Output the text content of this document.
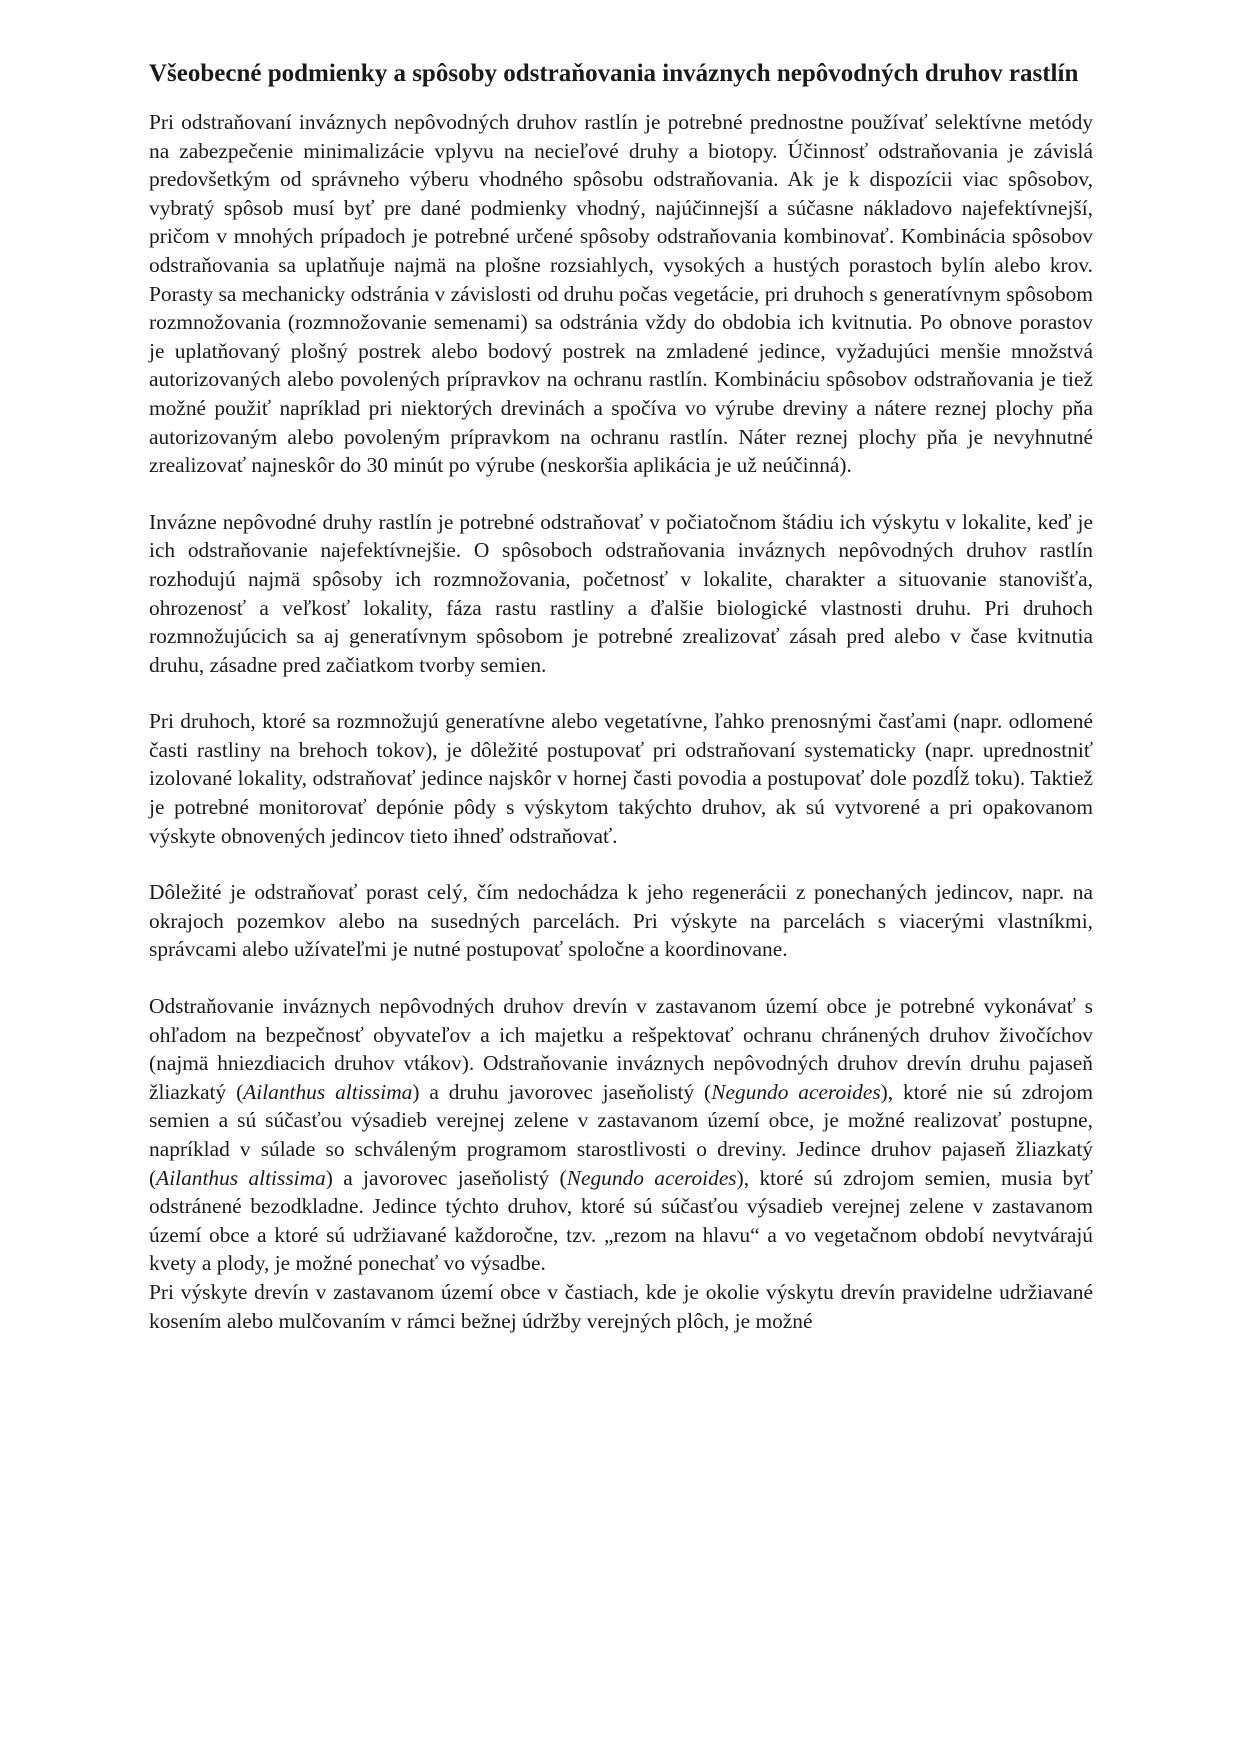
Všeobecné podmienky a spôsoby odstraňovania inváznych nepôvodných druhov rastlín

Pri odstraňovaní inváznych nepôvodných druhov rastlín je potrebné prednostne používať selektívne metódy na zabezpečenie minimalizácie vplyvu na necieľové druhy a biotopy. Účinnosť odstraňovania je závislá predovšetkým od správneho výberu vhodného spôsobu odstraňovania. Ak je k dispozícii viac spôsobov, vybratý spôsob musí byť pre dané podmienky vhodný, najúčinnejší a súčasne nákladovo najefektívnejší, pričom v mnohých prípadoch je potrebné určené spôsoby odstraňovania kombinovať. Kombinácia spôsobov odstraňovania sa uplatňuje najmä na plošne rozsiahlych, vysokých a hustých porastoch bylín alebo krov. Porasty sa mechanicky odstránia v závislosti od druhu počas vegetácie, pri druhoch s generatívnym spôsobom rozmnožovania (rozmnožovanie semenami) sa odstránia vždy do obdobia ich kvitnutia. Po obnove porastov je uplatňovaný plošný postrek alebo bodový postrek na zmladené jedince, vyžadujúci menšie množstvá autorizovaných alebo povolených prípravkov na ochranu rastlín. Kombináciu spôsobov odstraňovania je tiež možné použiť napríklad pri niektorých drevinách a spočíva vo výrube dreviny a nátere reznej plochy pňa autorizovaným alebo povoleným prípravkom na ochranu rastlín. Náter reznej plochy pňa je nevyhnutné zrealizovať najneskôr do 30 minút po výrube (neskoršia aplikácia je už neúčinná).

Invázne nepôvodné druhy rastlín je potrebné odstraňovať v počiatočnom štádiu ich výskytu v lokalite, keď je ich odstraňovanie najefektívnejšie. O spôsoboch odstraňovania inváznych nepôvodných druhov rastlín rozhodujú najmä spôsoby ich rozmnožovania, početnosť v lokalite, charakter a situovanie stanovišťa, ohrozenosť a veľkosť lokality, fáza rastu rastliny a ďalšie biologické vlastnosti druhu. Pri druhoch rozmnožujúcich sa aj generatívnym spôsobom je potrebné zrealizovať zásah pred alebo v čase kvitnutia druhu, zásadne pred začiatkom tvorby semien.

Pri druhoch, ktoré sa rozmnožujú generatívne alebo vegetatívne, ľahko prenosnými časťami (napr. odlomené časti rastliny na brehoch tokov), je dôležité postupovať pri odstraňovaní systematicky (napr. uprednostniť izolované lokality, odstraňovať jedince najskôr v hornej časti povodia a postupovať dole pozdĺž toku). Taktiež je potrebné monitorovať depónie pôdy s výskytom takýchto druhov, ak sú vytvorené a pri opakovanom výskyte obnovených jedincov tieto ihneď odstraňovať.

Dôležité je odstraňovať porast celý, čím nedochádza k jeho regenerácii z ponechaných jedincov, napr. na okrajoch pozemkov alebo na susedných parcelách. Pri výskyte na parcelách s viacerými vlastníkmi, správcami alebo užívateľmi je nutné postupovať spoločne a koordinovane.

Odstraňovanie inváznych nepôvodných druhov drevín v zastavanom území obce je potrebné vykonávať s ohľadom na bezpečnosť obyvateľov a ich majetku a rešpektovať ochranu chránených druhov živočíchov (najmä hniezdiacich druhov vtákov). Odstraňovanie inváznych nepôvodných druhov drevín druhu pajaseň žliazkatý (Ailanthus altissima) a druhu javorovec jaseňolistý (Negundo aceroides), ktoré nie sú zdrojom semien a sú súčasťou výsadieb verejnej zelene v zastavanom území obce, je možné realizovať postupne, napríklad v súlade so schváleným programom starostlivosti o dreviny. Jedince druhov pajaseň žliazkatý (Ailanthus altissima) a javorovec jaseňolistý (Negundo aceroides), ktoré sú zdrojom semien, musia byť odstránené bezodkladne. Jedince týchto druhov, ktoré sú súčasťou výsadieb verejnej zelene v zastavanom území obce a ktoré sú udržiavané každoročne, tzv. „rezom na hlavu“ a vo vegetačnom období nevytvárajú kvety a plody, je možné ponechať vo výsadbe.

Pri výskyte drevín v zastavanom území obce v častiach, kde je okolie výskytu drevín pravidelne udržiavané kosením alebo mulčovaním v rámci bežnej údržby verejných plôch, je možné
